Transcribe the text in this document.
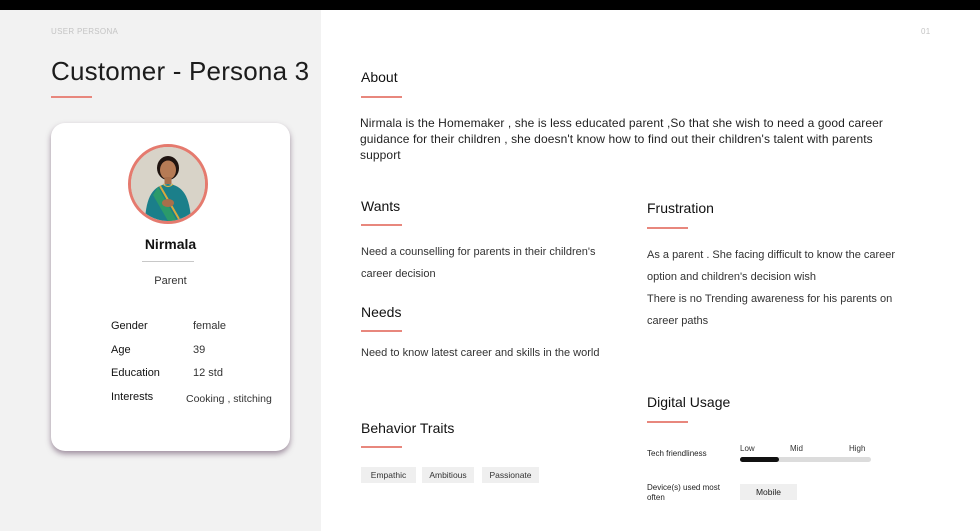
USER PERSONA	01
Customer - Persona 3
Nirmala
Parent
Gender	female
Age	39
Education	12 std
Interests	Cooking , stitching
About
Nirmala is the Homemaker , she is less educated parent ,So that she wish to need a good career guidance for their children , she doesn't know how to find out their children's talent with parents support
Wants
Need a counselling for parents in their children's
career decision
Needs
Need to know latest career and skills in the world
Frustration
As a parent . She facing difficult to know the career
option and children's decision wish
There is no Trending awareness for his parents on
career paths
Behavior Traits
Empathic	Ambitious	Passionate
Digital Usage
Tech friendliness
Low	Mid	High
Device(s) used most
often
Mobile
